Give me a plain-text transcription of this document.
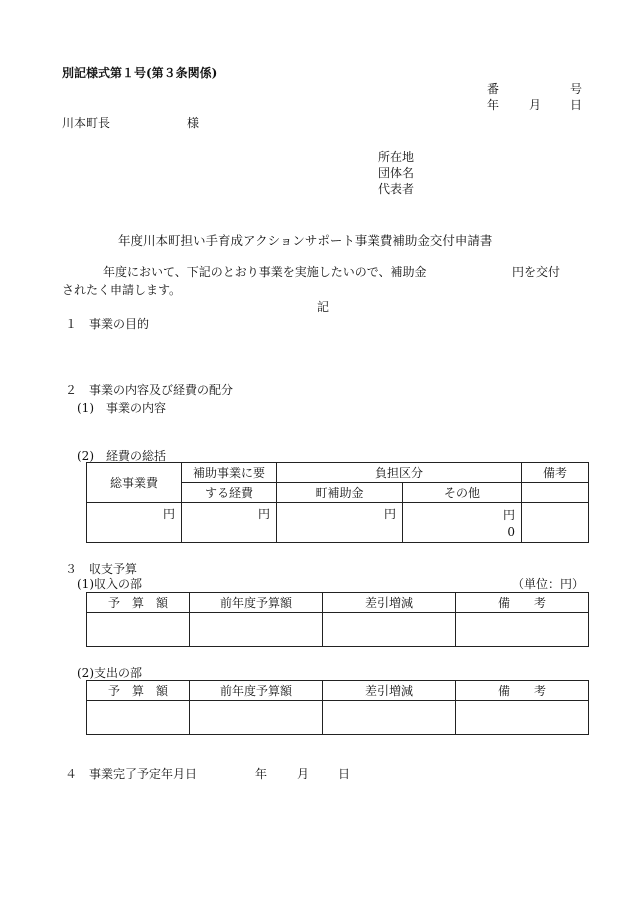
別記様式第１号(第３条関係)
番	号
年 月 日
川本町長	様
所在地
団体名
代表者
年度川本町担い手育成アクションサポート事業費補助金交付申請書
年度において、下記のとおり事業を実施したいので、補助金	円を交付
されたく申請します。
記
１　事業の目的
２　事業の内容及び経費の配分
(1)　事業の内容
(2)　経費の総括
総事業費	補助事業に要	負担区分		備考
	する経費	町補助金	その他	
円	円	円	円
0	

３　収支予算
(1)収入の部	（単位：円）
予　算　額	前年度予算額	差引増減	備　　考

(2)支出の部
予　算　額	前年度予算額	差引増減	備　　考

４　事業完了予定年月日	年 月 日
